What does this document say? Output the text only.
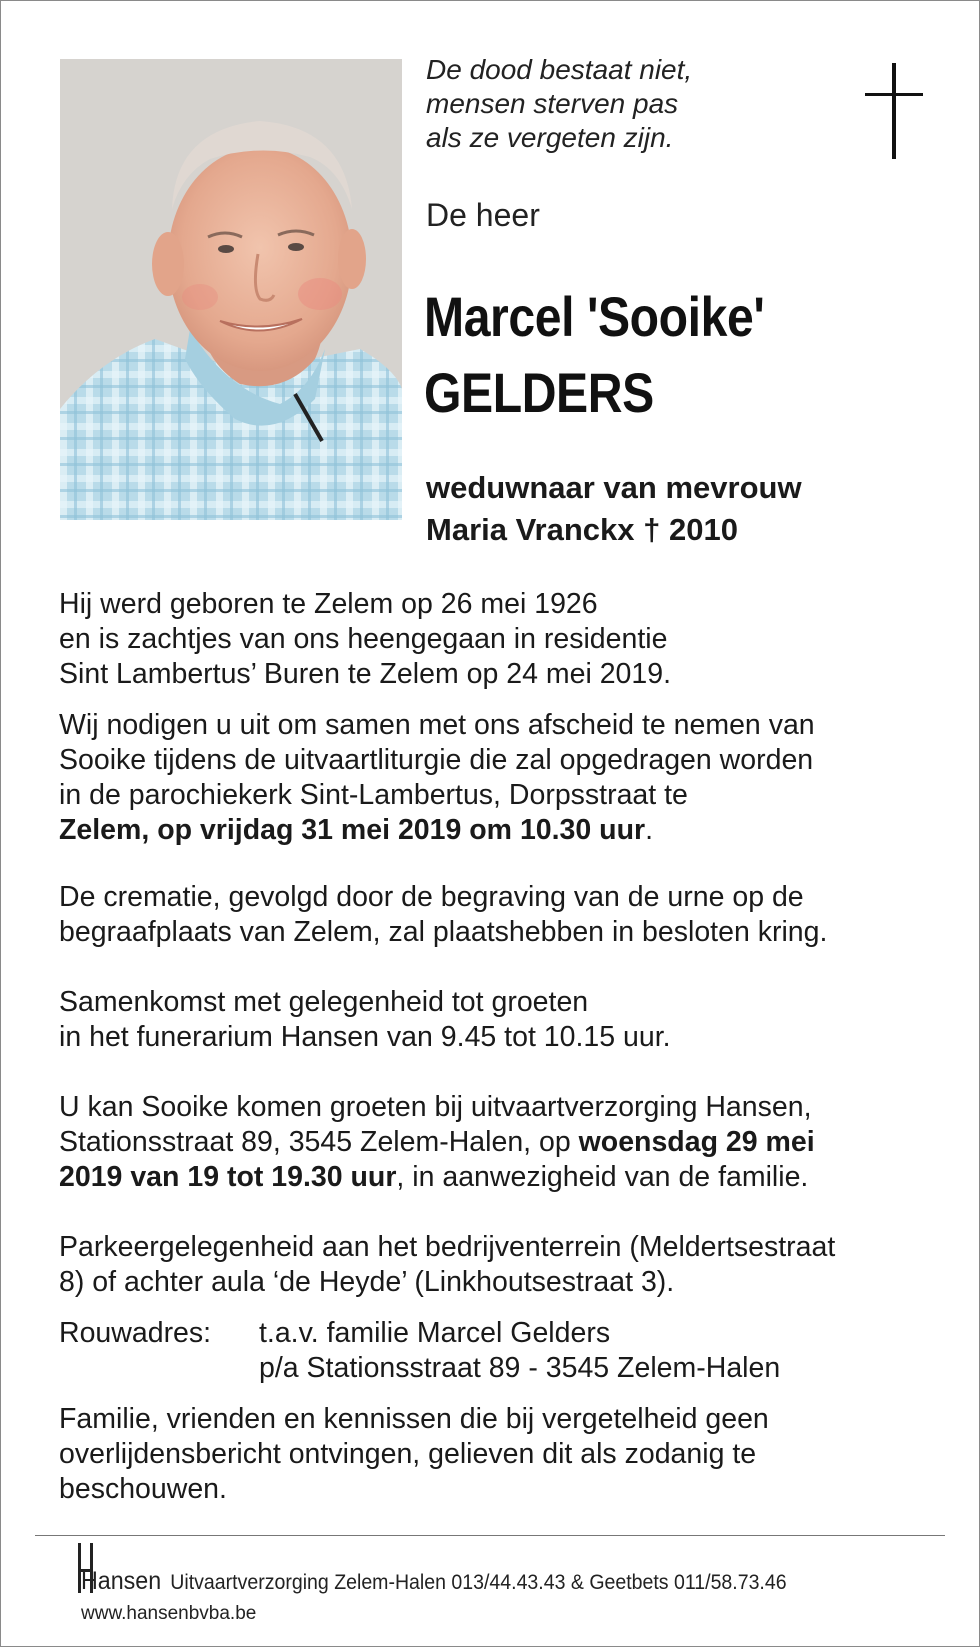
De dood bestaat niet,
mensen sterven pas
als ze vergeten zijn.

De heer

Marcel 'Sooike'
GELDERS

weduwnaar van mevrouw
Maria Vranckx † 2010

Hij werd geboren te Zelem op 26 mei 1926
en is zachtjes van ons heengegaan in residentie
Sint Lambertus’ Buren te Zelem op 24 mei 2019.

Wij nodigen u uit om samen met ons afscheid te nemen van
Sooike tijdens de uitvaartliturgie die zal opgedragen worden
in de parochiekerk Sint-Lambertus, Dorpsstraat te
Zelem, op vrijdag 31 mei 2019 om 10.30 uur.

De crematie, gevolgd door de begraving van de urne op de
begraafplaats van Zelem, zal plaatshebben in besloten kring.

Samenkomst met gelegenheid tot groeten
in het funerarium Hansen van 9.45 tot 10.15 uur.

U kan Sooike komen groeten bij uitvaartverzorging Hansen,
Stationsstraat 89, 3545 Zelem-Halen, op woensdag 29 mei
2019 van 19 tot 19.30 uur, in aanwezigheid van de familie.

Parkeergelegenheid aan het bedrijventerrein (Meldertsestraat
8) of achter aula ‘de Heyde’ (Linkhoutsestraat 3).

Rouwadres:	t.a.v. familie Marcel Gelders
p/a Stationsstraat 89 - 3545 Zelem-Halen

Familie, vrienden en kennissen die bij vergetelheid geen
overlijdensbericht ontvingen, gelieven dit als zodanig te
beschouwen.

Hansen Uitvaartverzorging Zelem-Halen 013/44.43.43 & Geetbets 011/58.73.46
www.hansenbvba.be
